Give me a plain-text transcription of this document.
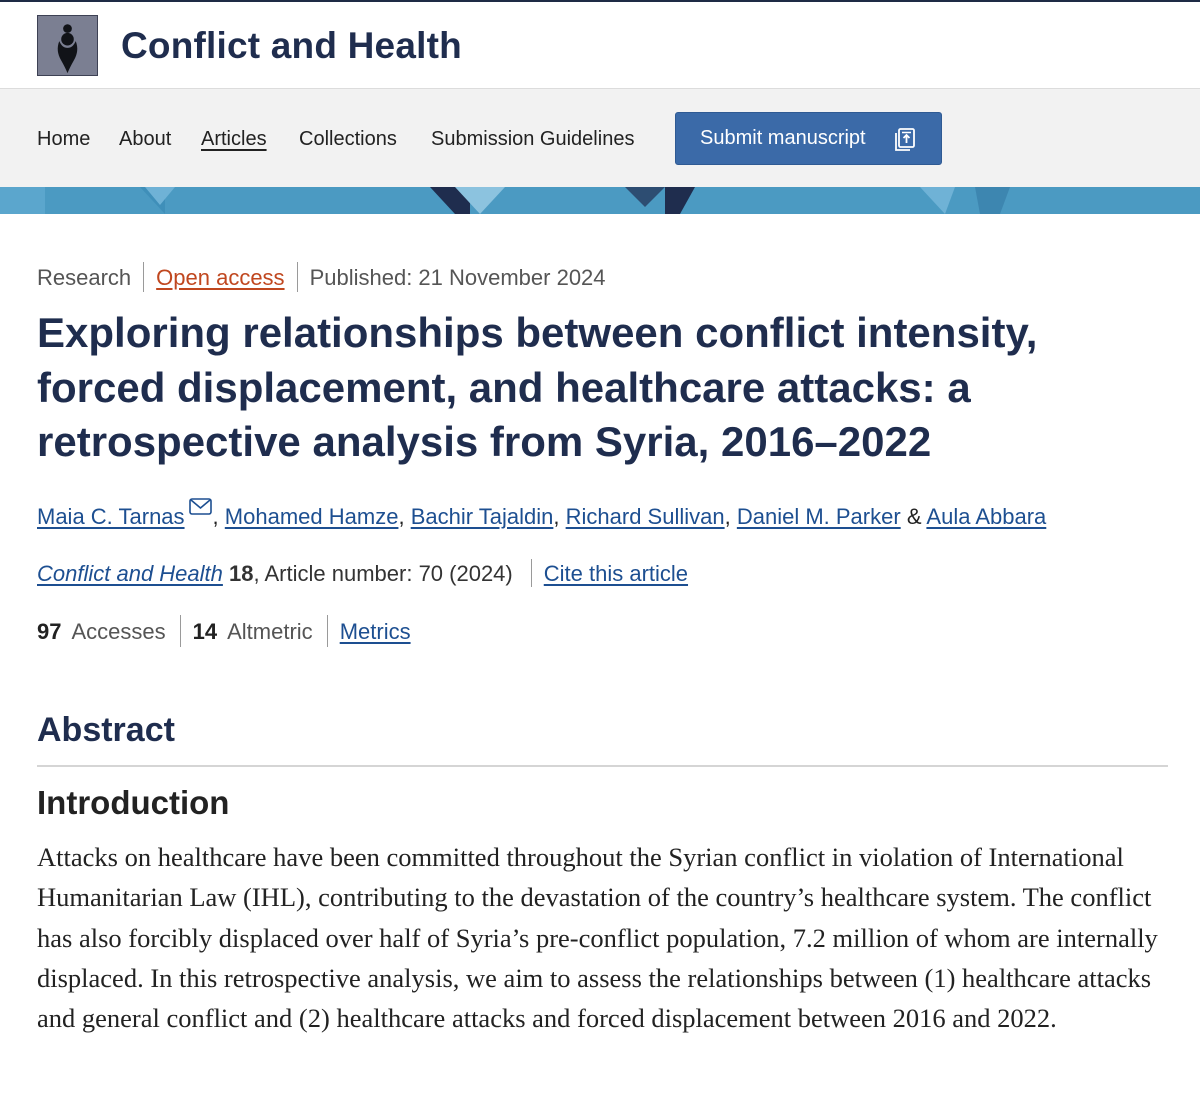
Conflict and Health
Home About Articles Collections Submission Guidelines	Submit manuscript
Research Open access Published: 21 November 2024
Exploring relationships between conflict intensity, forced displacement, and healthcare attacks: a retrospective analysis from Syria, 2016–2022
Maia C. Tarnas , Mohamed Hamze, Bachir Tajaldin, Richard Sullivan, Daniel M. Parker & Aula Abbara
Conflict and Health 18, Article number: 70 (2024) Cite this article
97 Accesses 14 Altmetric Metrics
Abstract
Introduction

Attacks on healthcare have been committed throughout the Syrian conflict in violation of International Humanitarian Law (IHL), contributing to the devastation of the country’s healthcare system. The conflict has also forcibly displaced over half of Syria’s pre-conflict population, 7.2 million of whom are internally displaced. In this retrospective analysis, we aim to assess the relationships between (1) healthcare attacks and general conflict and (2) healthcare attacks and forced displacement between 2016 and 2022.
